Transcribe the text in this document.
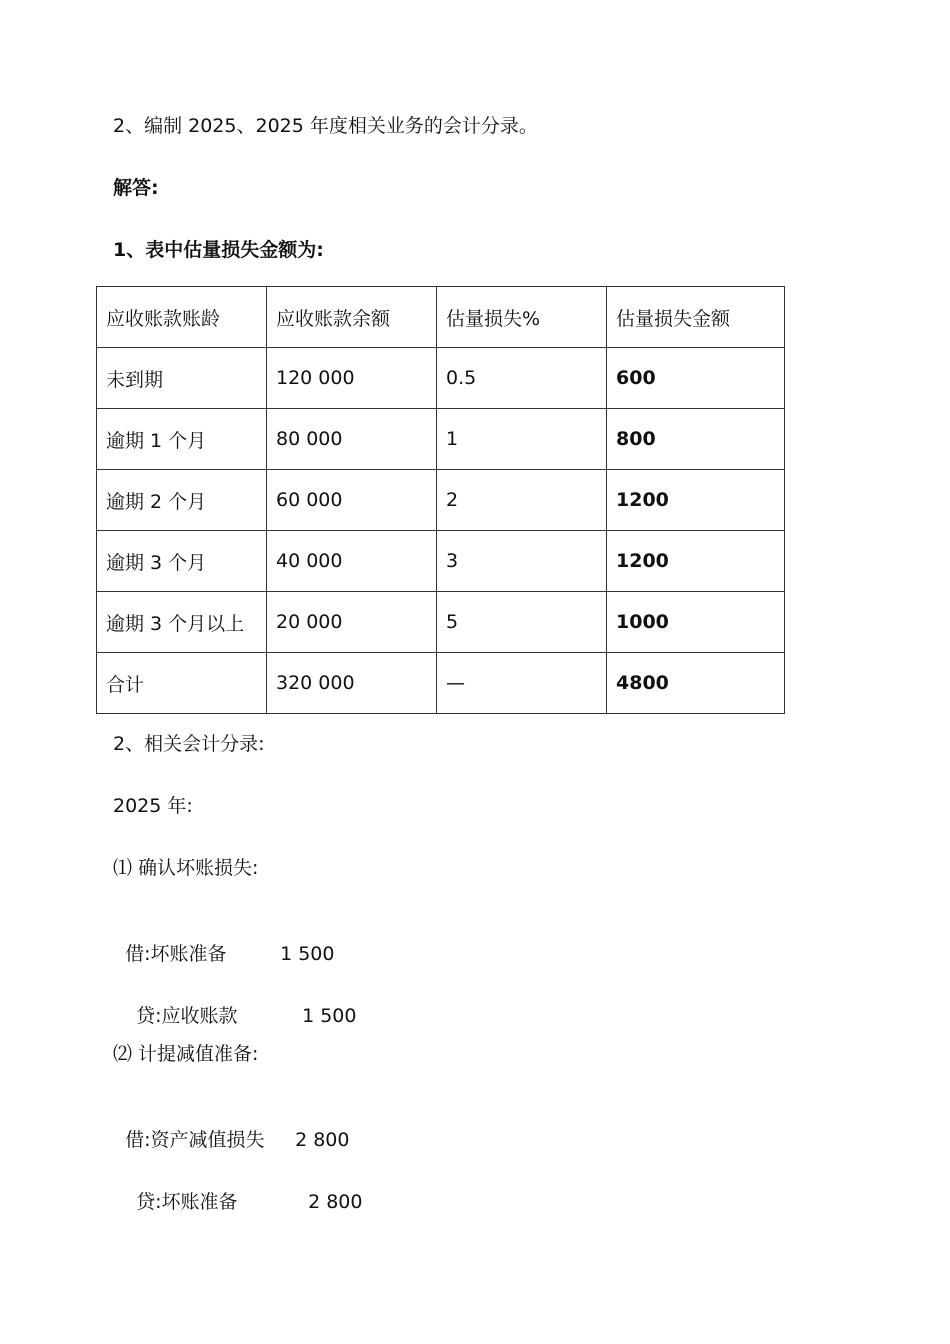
2、编制 2025、2025 年度相关业务的会计分录。
解答:
1、表中估量损失金额为:
应收账款账龄	应收账款余额	估量损失%	估量损失金额
未到期	120 000	0.5	600
逾期 1 个月	80 000	1	800
逾期 2 个月	60 000	2	1200
逾期 3 个月	40 000	3	1200
逾期 3 个月以上	20 000	5	1000
合计	320 000	—	4800
2、相关会计分录:
2025 年:
⑴ 确认坏账损失:

借:坏账准备	1 500

贷:应收账款	1 500

⑵ 计提减值准备:

借:资产减值损失 2 800

贷:坏账准备	2 800
